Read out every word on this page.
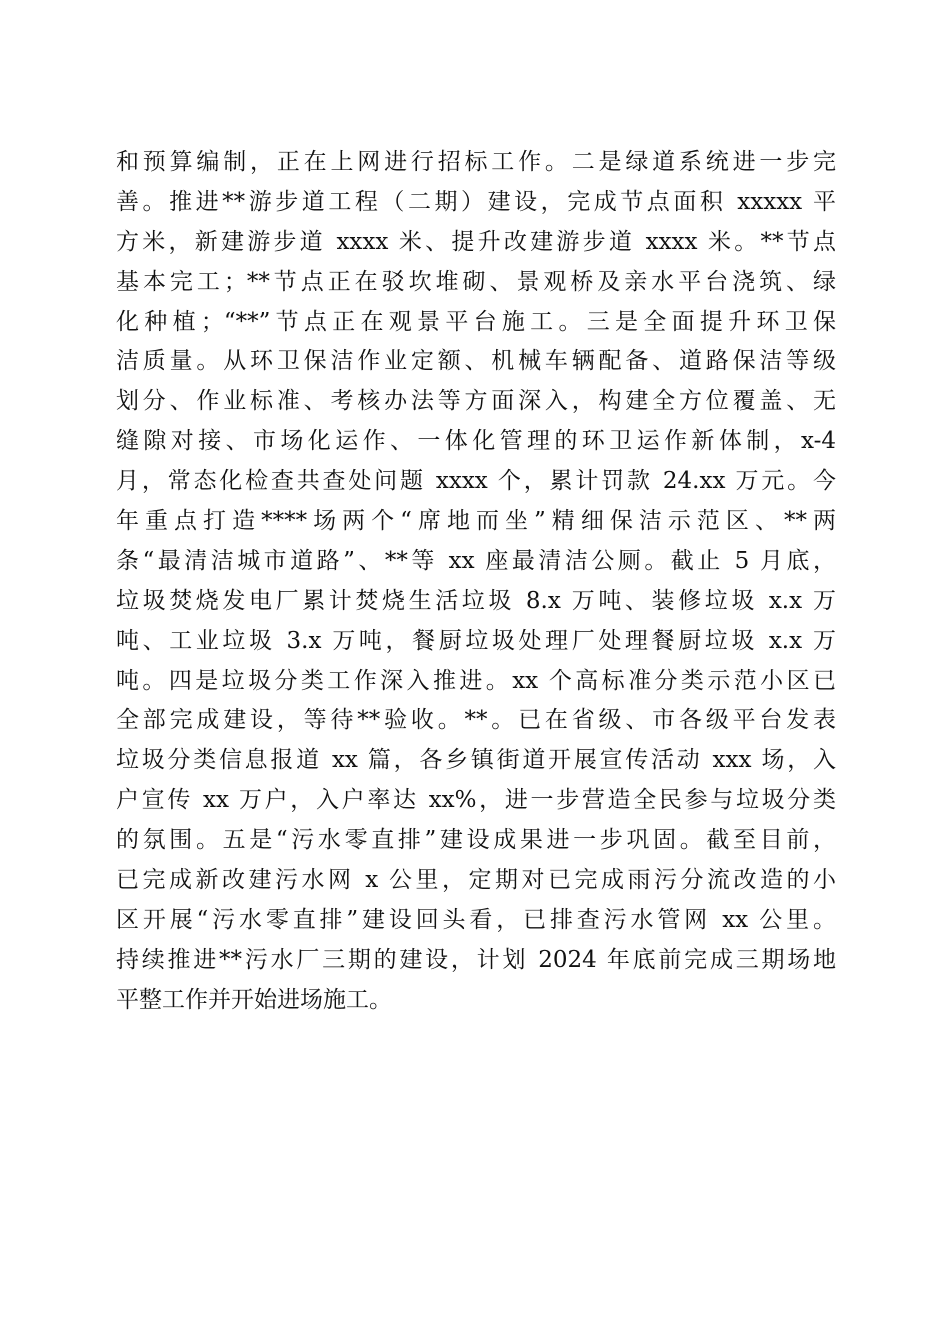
和预算编制，正在上网进行招标工作。二是绿道系统进一步完
善。推进**游步道工程（二期）建设，完成节点面积 xxxxx 平
方米，新建游步道 xxxx 米、提升改建游步道 xxxx 米。**节点
基本完工；**节点正在驳坎堆砌、景观桥及亲水平台浇筑、绿
化种植；“**”节点正在观景平台施工。三是全面提升环卫保
洁质量。从环卫保洁作业定额、机械车辆配备、道路保洁等级
划分、作业标准、考核办法等方面深入，构建全方位覆盖、无
缝隙对接、市场化运作、一体化管理的环卫运作新体制，x-4
月，常态化检查共查处问题 xxxx 个，累计罚款 24.xx 万元。今
年重点打造****场两个“席地而坐”精细保洁示范区、**两
条“最清洁城市道路”、**等 xx 座最清洁公厕。截止 5 月底，
垃圾焚烧发电厂累计焚烧生活垃圾 8.x 万吨、装修垃圾 x.x 万
吨、工业垃圾 3.x 万吨，餐厨垃圾处理厂处理餐厨垃圾 x.x 万
吨。四是垃圾分类工作深入推进。xx 个高标准分类示范小区已
全部完成建设，等待**验收。**。已在省级、市各级平台发表
垃圾分类信息报道 xx 篇，各乡镇街道开展宣传活动 xxx 场，入
户宣传 xx 万户，入户率达 xx%，进一步营造全民参与垃圾分类
的氛围。五是“污水零直排”建设成果进一步巩固。截至目前，
已完成新改建污水网 x 公里，定期对已完成雨污分流改造的小
区开展“污水零直排”建设回头看，已排查污水管网 xx 公里。
持续推进**污水厂三期的建设，计划 2024 年底前完成三期场地
平整工作并开始进场施工。
